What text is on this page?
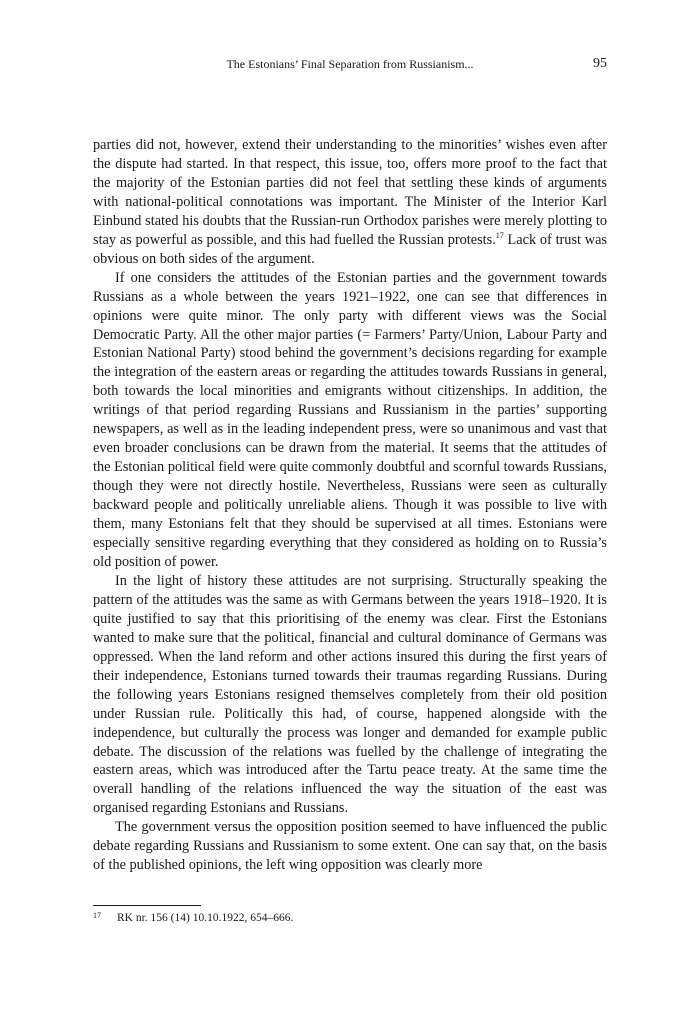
The Estonians’ Final Separation from Russianism...	95

parties did not, however, extend their understanding to the minorities’ wishes even after the dispute had started. In that respect, this issue, too, offers more proof to the fact that the majority of the Estonian parties did not feel that settling these kinds of arguments with national-political connotations was important. The Minister of the Interior Karl Einbund stated his doubts that the Russian-run Orthodox parishes were merely plotting to stay as powerful as possible, and this had fuelled the Russian protests.$^{17}$ Lack of trust was obvious on both sides of the argument.

If one considers the attitudes of the Estonian parties and the government towards Russians as a whole between the years 1921–1922, one can see that differences in opinions were quite minor. The only party with different views was the Social Democratic Party. All the other major parties (= Farmers’ Party/Union, Labour Party and Estonian National Party) stood behind the government’s decisions regarding for example the integration of the eastern areas or regarding the attitudes towards Russians in general, both towards the local minorities and emigrants without citizenships. In addition, the writings of that period regarding Russians and Russianism in the parties’ supporting newspapers, as well as in the leading independent press, were so unanimous and vast that even broader conclusions can be drawn from the material. It seems that the attitudes of the Estonian political field were quite commonly doubtful and scornful towards Russians, though they were not directly hostile. Nevertheless, Russians were seen as culturally backward people and politically unreliable aliens. Though it was possible to live with them, many Estonians felt that they should be supervised at all times. Estonians were especially sensitive regarding everything that they considered as holding on to Russia’s old position of power.

In the light of history these attitudes are not surprising. Structurally speaking the pattern of the attitudes was the same as with Germans between the years 1918–1920. It is quite justified to say that this prioritising of the enemy was clear. First the Estonians wanted to make sure that the political, financial and cultural dominance of Germans was oppressed. When the land reform and other actions insured this during the first years of their independence, Estonians turned towards their traumas regarding Russians. During the following years Estonians resigned themselves completely from their old position under Russian rule. Politically this had, of course, happened alongside with the independence, but culturally the process was longer and demanded for example public debate. The discussion of the relations was fuelled by the challenge of integrating the eastern areas, which was introduced after the Tartu peace treaty. At the same time the overall handling of the relations influenced the way the situation of the east was organised regarding Estonians and Russians.

The government versus the opposition position seemed to have influenced the public debate regarding Russians and Russianism to some extent. One can say that, on the basis of the published opinions, the left wing opposition was clearly more

17 RK nr. 156 (14) 10.10.1922, 654–666.
